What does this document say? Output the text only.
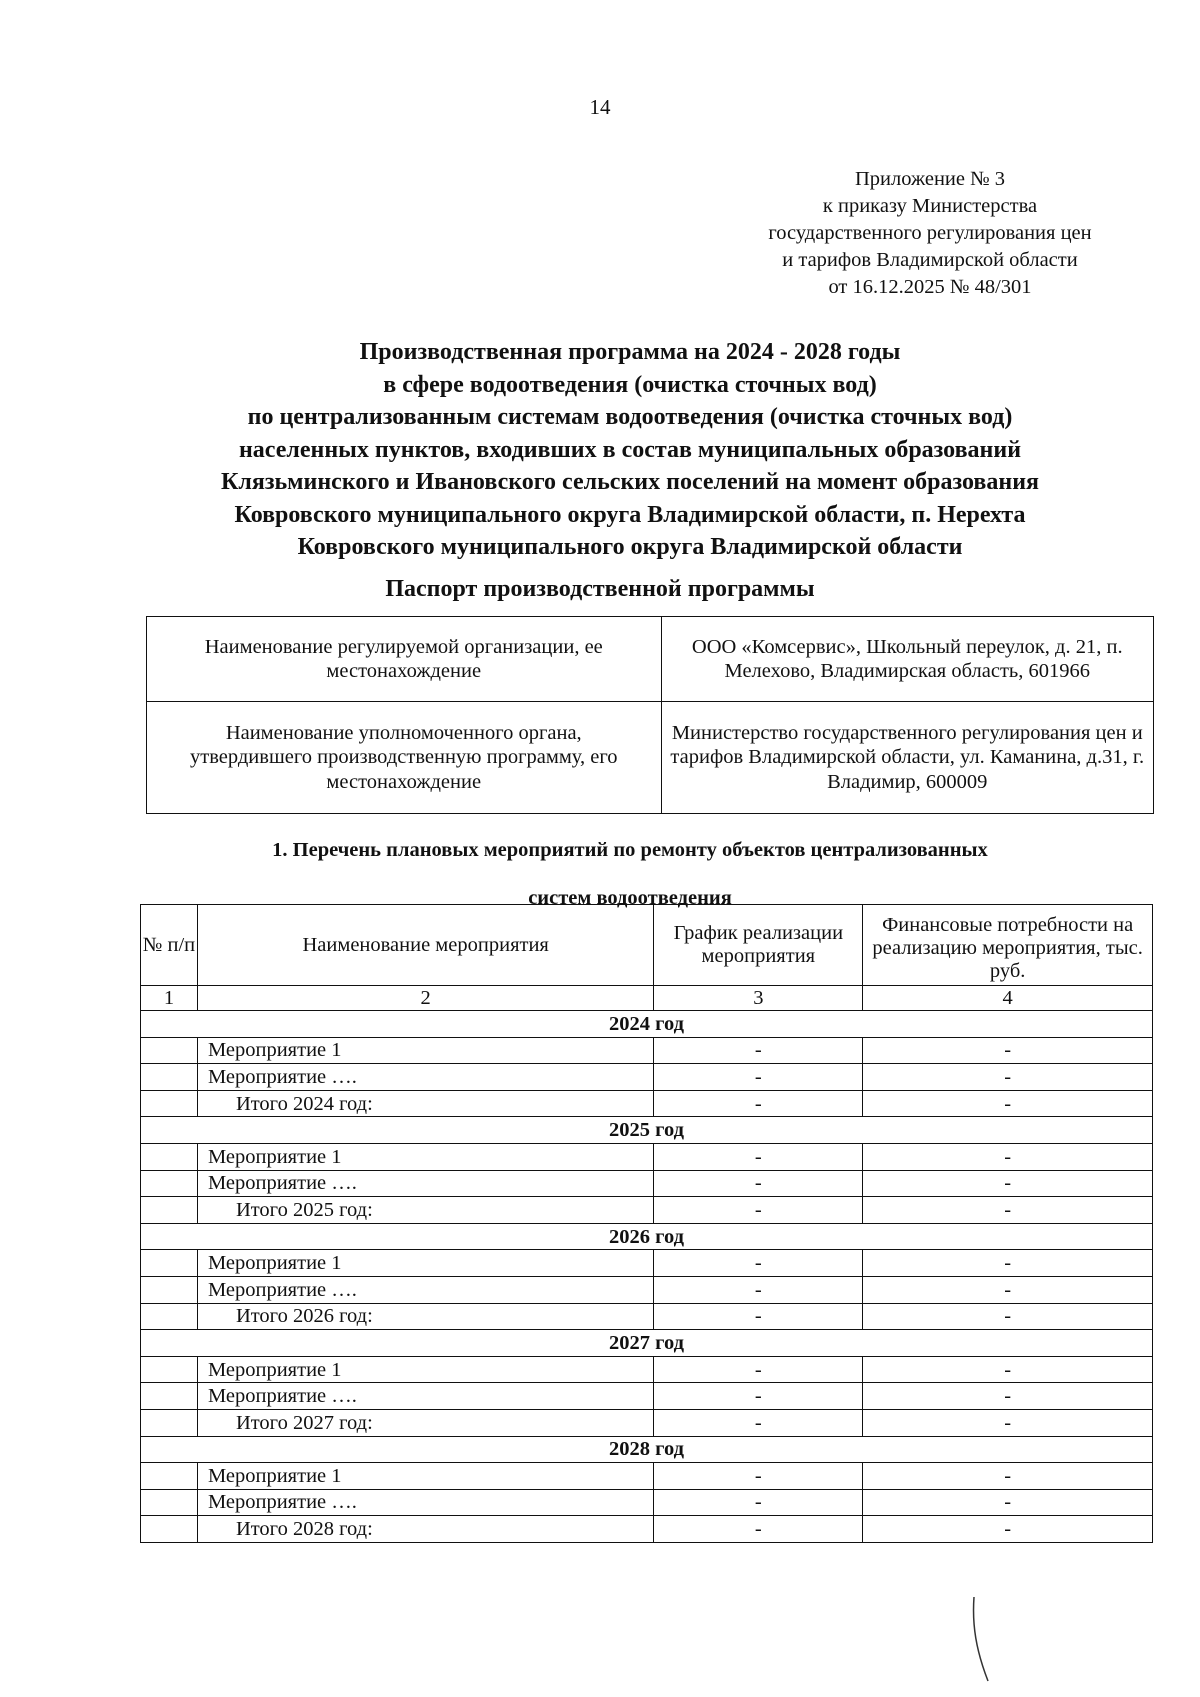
14
Приложение № 3
к приказу Министерства
государственного регулирования цен
и тарифов Владимирской области
от 16.12.2025 № 48/301
Производственная программа на 2024 - 2028 годы
в сфере водоотведения (очистка сточных вод)
по централизованным системам водоотведения (очистка сточных вод)
населенных пунктов, входивших в состав муниципальных образований
Клязьминского и Ивановского сельских поселений на момент образования
Ковровского муниципального округа Владимирской области, п. Нерехта
Ковровского муниципального округа Владимирской области
Паспорт производственной программы
Наименование регулируемой организации, ее местонахождение	ООО «Комсервис», Школьный переулок, д. 21, п. Мелехово, Владимирская область, 601966

Наименование уполномоченного органа, утвердившего производственную программу, его местонахождение	Министерство государственного регулирования цен и тарифов Владимирской области, ул. Каманина, д.31, г. Владимир, 600009
1. Перечень плановых мероприятий по ремонту объектов централизованных
систем водоотведения
№ п/п	Наименование мероприятия	График реализации мероприятия	Финансовые потребности на реализацию мероприятия, тыс. руб.
1	2	3	4
2024 год			
	Мероприятие 1	-	-
	Мероприятие ….	-	-
	Итого 2024 год:	-	-
2025 год			
	Мероприятие 1	-	-
	Мероприятие ….	-	-
	Итого 2025 год:	-	-
2026 год			
	Мероприятие 1	-	-
	Мероприятие ….	-	-
	Итого 2026 год:	-	-
2027 год			
	Мероприятие 1	-	-
	Мероприятие ….	-	-
	Итого 2027 год:	-	-
2028 год			
	Мероприятие 1	-	-
	Мероприятие ….	-	-
	Итого 2028 год:	-	-
